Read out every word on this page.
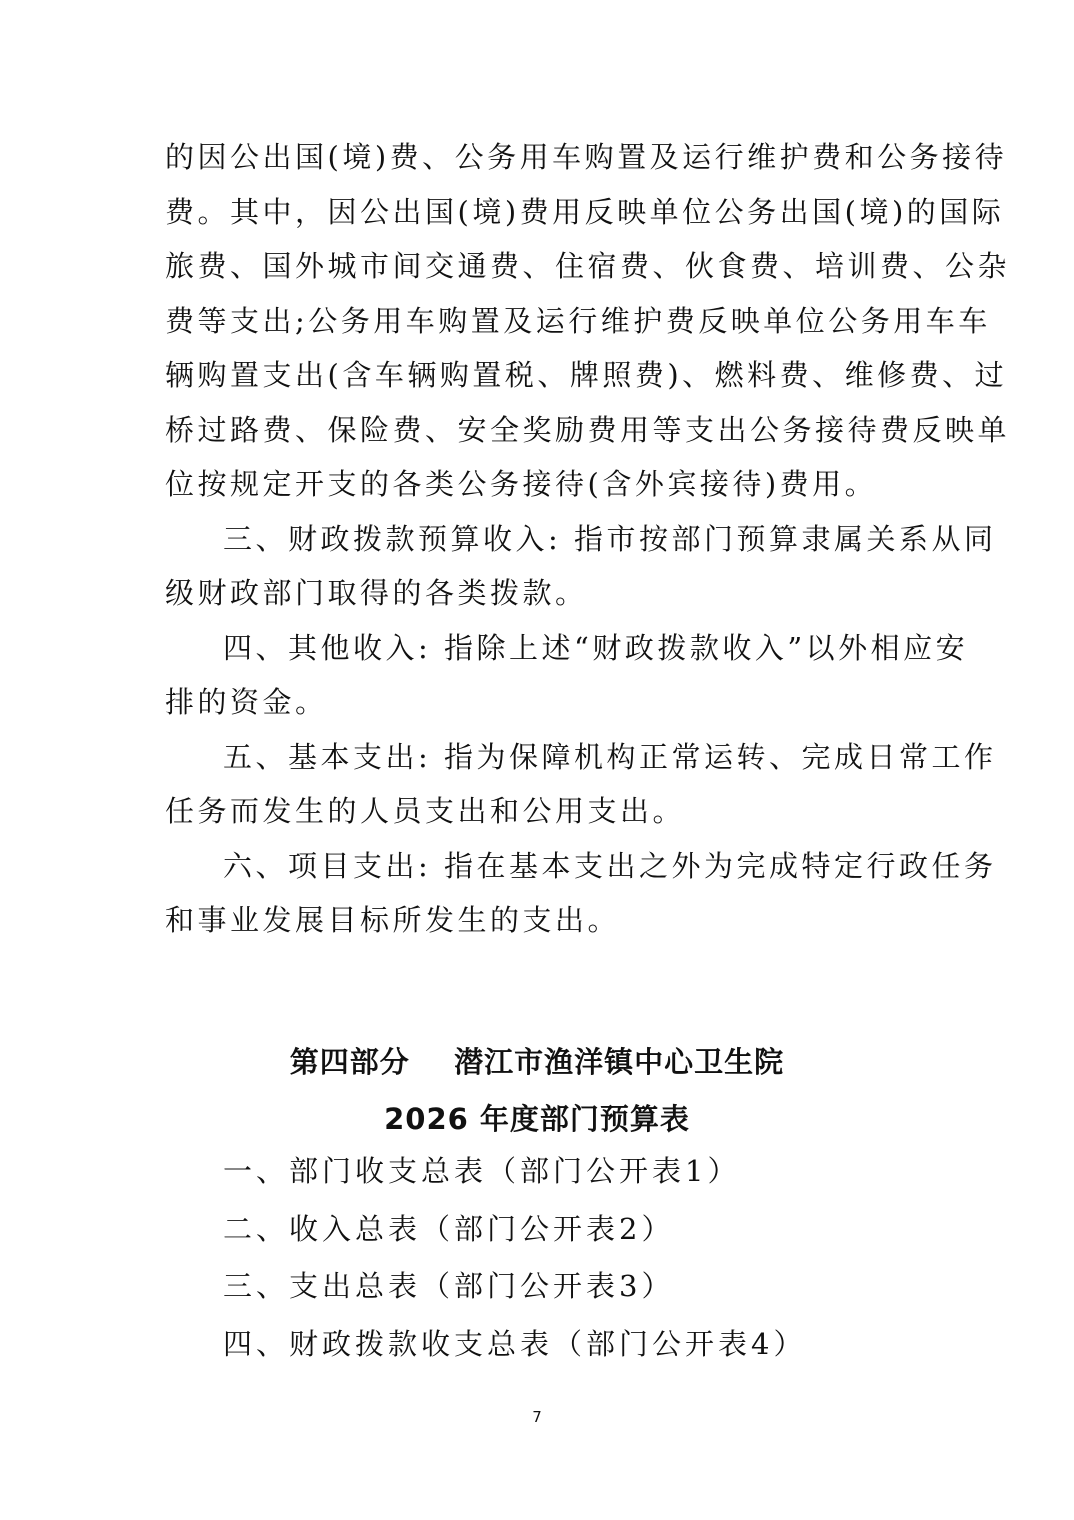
的因公出国(境)费、公务用车购置及运行维护费和公务接待
费。其中，因公出国(境)费用反映单位公务出国(境)的国际
旅费、国外城市间交通费、住宿费、伙食费、培训费、公杂
费等支出;公务用车购置及运行维护费反映单位公务用车车
辆购置支出(含车辆购置税、牌照费)、燃料费、维修费、过
桥过路费、保险费、安全奖励费用等支出公务接待费反映单
位按规定开支的各类公务接待(含外宾接待)费用。
三、财政拨款预算收入: 指市按部门预算隶属关系从同
级财政部门取得的各类拨款。
四、其他收入: 指除上述“财政拨款收入”以外相应安
排的资金。
五、基本支出: 指为保障机构正常运转、完成日常工作
任务而发生的人员支出和公用支出。
六、项目支出: 指在基本支出之外为完成特定行政任务
和事业发展目标所发生的支出。
第四部分    潜江市渔洋镇中心卫生院
2026 年度部门预算表
一、部门收支总表（部门公开表1）
二、收入总表（部门公开表2）
三、支出总表（部门公开表3）
四、财政拨款收支总表（部门公开表4）
7
